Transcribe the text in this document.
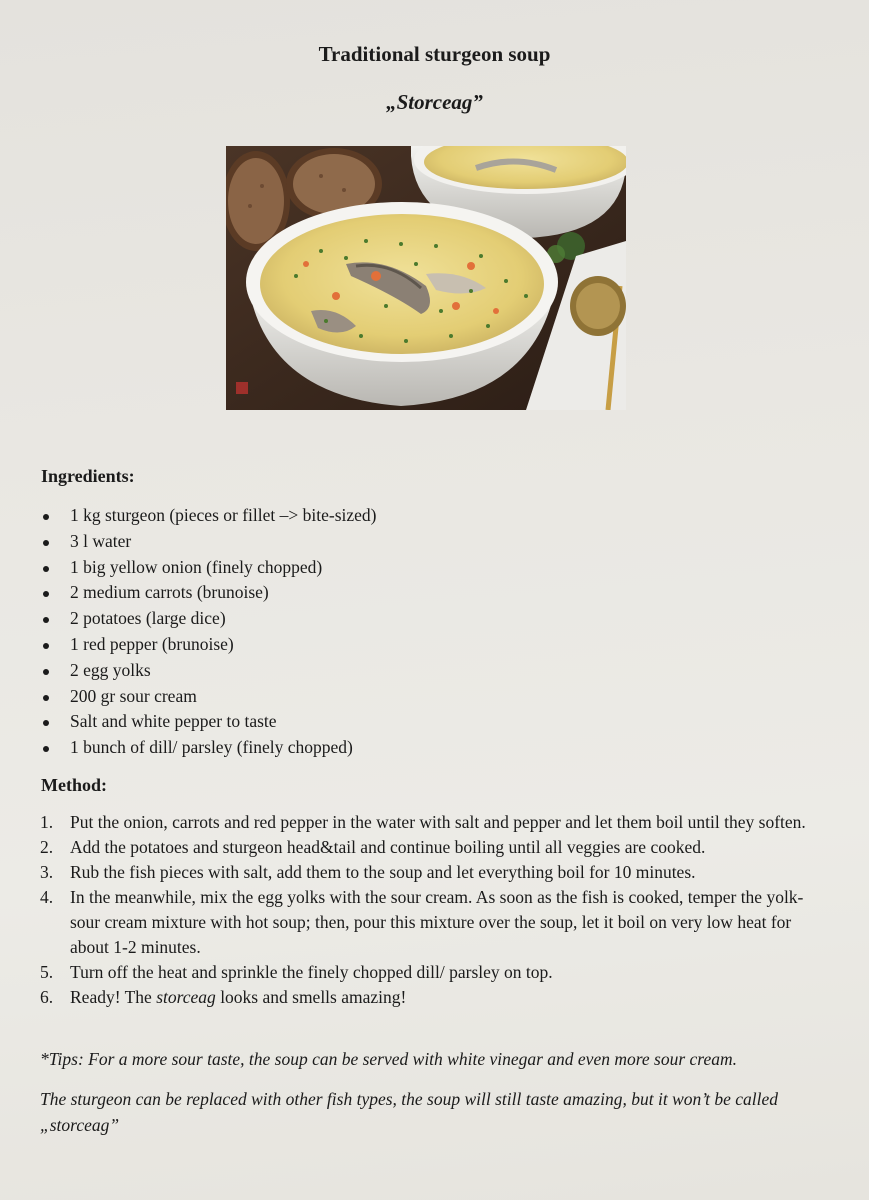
Traditional sturgeon soup
„Storceag”
Ingredients:
1 kg sturgeon (pieces or fillet –> bite-sized)
3 l water
1 big yellow onion (finely chopped)
2 medium carrots (brunoise)
2 potatoes (large dice)
1 red pepper (brunoise)
2 egg yolks
200 gr sour cream
Salt and white pepper to taste
1 bunch of dill/ parsley (finely chopped)
Method:
1. Put the onion, carrots and red pepper in the water with salt and pepper and let them boil until they soften.
2. Add the potatoes and sturgeon head&tail and continue boiling until all veggies are cooked.
3. Rub the fish pieces with salt, add them to the soup and let everything boil for 10 minutes.
4. In the meanwhile, mix the egg yolks with the sour cream. As soon as the fish is cooked, temper the yolk-sour cream mixture with hot soup; then, pour this mixture over the soup, let it boil on very low heat for about 1-2 minutes.
5. Turn off the heat and sprinkle the finely chopped dill/ parsley on top.
6. Ready! The storceag looks and smells amazing!
*Tips: For a more sour taste, the soup can be served with white vinegar and even more sour cream.
The sturgeon can be replaced with other fish types, the soup will still taste amazing, but it won’t be called „storceag”
